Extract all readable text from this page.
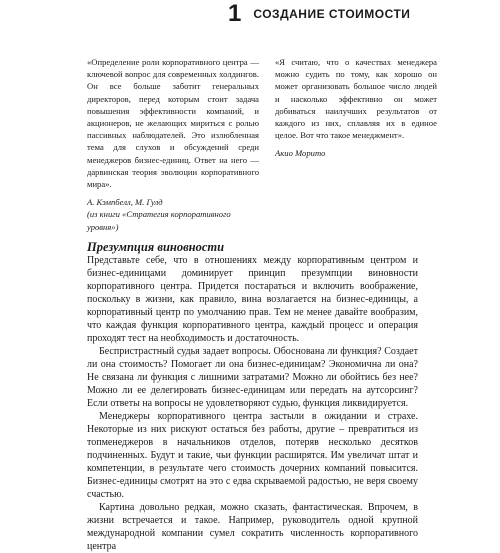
1 СОЗДАНИЕ СТОИМОСТИ
«Определение роли корпоративного центра — ключевой вопрос для современных холдингов. Он все больше заботит генеральных директоров, перед которым стоит задача повышения эффективности компаний, и акционеров, не желающих мириться с ролью пассивных наблюдателей. Это излюбленная тема для слухов и обсуждений среди менеджеров бизнес-единиц. Ответ на него — дарвинская теория эволюции корпоративного мира».
А. Кэмпбелл, М. Гулд
(из книги «Стратегия корпоративного уровня»)
«Я считаю, что о качествах менеджера можно судить по тому, как хорошо он может организовать большое число людей и насколько эффективно он может добиваться наилучших результатов от каждого из них, сплавляя их в единое целое. Вот что такое менеджмент».
Акио Морито
Презумпция виновности

Представьте себе, что в отношениях между корпоративным центром и бизнес-единицами доминирует принцип презумпции виновности корпоративного центра. Придется постараться и включить воображение, поскольку в жизни, как правило, вина возлагается на бизнес-единицы, а корпоративный центр по умолчанию прав. Тем не менее давайте вообразим, что каждая функция корпоративного центра, каждый процесс и операция проходят тест на необходимость и достаточность.

Беспристрастный судья задает вопросы. Обоснована ли функция? Создает ли она стоимость? Помогает ли она бизнес-единицам? Экономична ли она? Не связана ли функция с лишними затратами? Можно ли обойтись без нее? Можно ли ее делегировать бизнес-единицам или передать на аутсорсинг? Если ответы на вопросы не удовлетворяют судью, функция ликвидируется.

Менеджеры корпоративного центра застыли в ожидании и страхе. Некоторые из них рискуют остаться без работы, другие – превратиться из топменеджеров в начальников отделов, потеряв несколько десятков подчиненных. Будут и такие, чьи функции расширятся. Им увеличат штат и компетенции, в результате чего стоимость дочерних компаний повысится. Бизнес-единицы смотрят на это с едва скрываемой радостью, не веря своему счастью.

Картина довольно редкая, можно сказать, фантастическая. Впрочем, в жизни встречается и такое. Например, руководитель одной крупной международной компании сумел сократить численность корпоративного центра
